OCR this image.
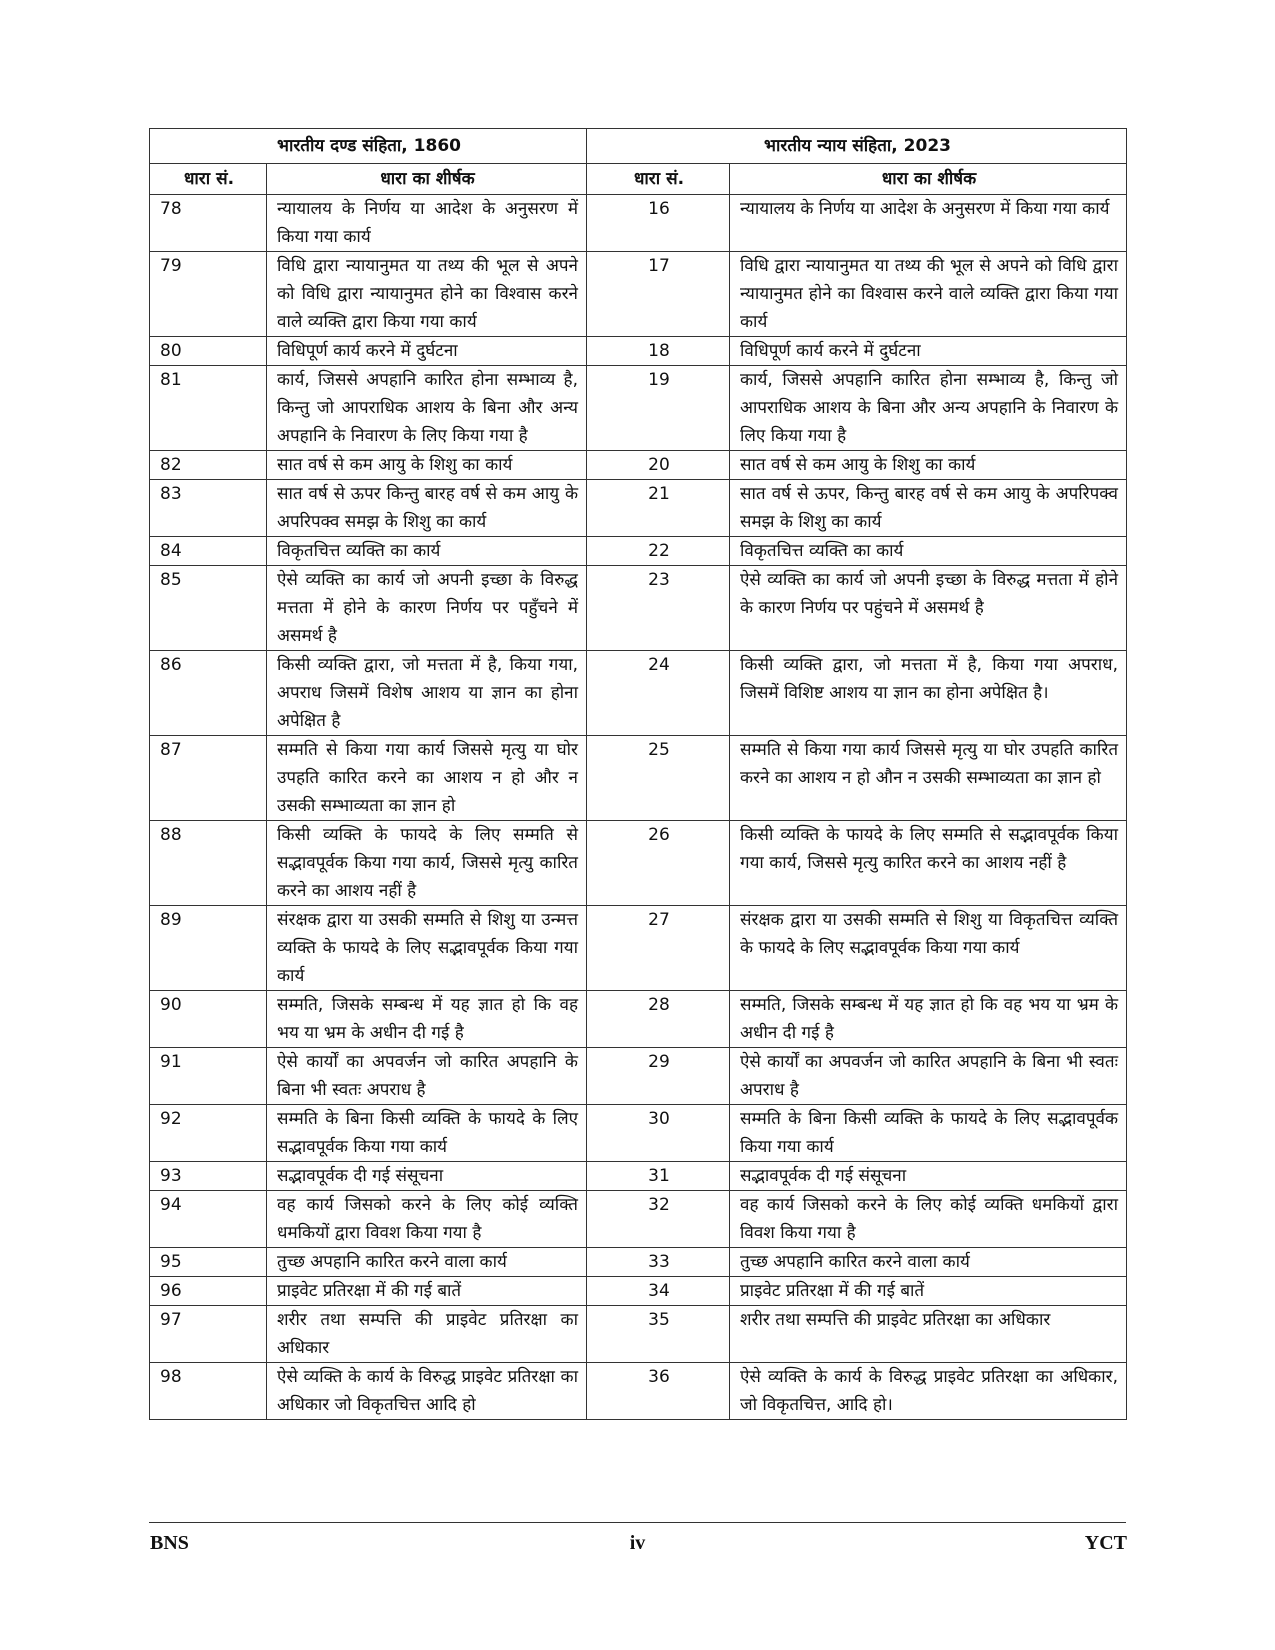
भारतीय दण्ड संहिता, 1860		भारतीय न्याय संहिता, 2023	
धारा सं.	धारा का शीर्षक	धारा सं.	धारा का शीर्षक
78	न्यायालय के निर्णय या आदेश के अनुसरण में किया गया कार्य	16	न्यायालय के निर्णय या आदेश के अनुसरण में किया गया कार्य
79	विधि द्वारा न्यायानुमत या तथ्य की भूल से अपने को विधि द्वारा न्यायानुमत होने का विश्वास करने वाले व्यक्ति द्वारा किया गया कार्य	17	विधि द्वारा न्यायानुमत या तथ्य की भूल से अपने को विधि द्वारा न्यायानुमत होने का विश्वास करने वाले व्यक्ति द्वारा किया गया कार्य
80	विधिपूर्ण कार्य करने में दुर्घटना	18	विधिपूर्ण कार्य करने में दुर्घटना
81	कार्य, जिससे अपहानि कारित होना सम्भाव्य है, किन्तु जो आपराधिक आशय के बिना और अन्य अपहानि के निवारण के लिए किया गया है	19	कार्य, जिससे अपहानि कारित होना सम्भाव्य है, किन्तु जो आपराधिक आशय के बिना और अन्य अपहानि के निवारण के लिए किया गया है
82	सात वर्ष से कम आयु के शिशु का कार्य	20	सात वर्ष से कम आयु के शिशु का कार्य
83	सात वर्ष से ऊपर किन्तु बारह वर्ष से कम आयु के अपरिपक्व समझ के शिशु का कार्य	21	सात वर्ष से ऊपर, किन्तु बारह वर्ष से कम आयु के अपरिपक्व समझ के शिशु का कार्य
84	विकृतचित्त व्यक्ति का कार्य	22	विकृतचित्त व्यक्ति का कार्य
85	ऐसे व्यक्ति का कार्य जो अपनी इच्छा के विरुद्ध मत्तता में होने के कारण निर्णय पर पहुँचने में असमर्थ है	23	ऐसे व्यक्ति का कार्य जो अपनी इच्छा के विरुद्ध मत्तता में होने के कारण निर्णय पर पहुंचने में असमर्थ है
86	किसी व्यक्ति द्वारा, जो मत्तता में है, किया गया, अपराध जिसमें विशेष आशय या ज्ञान का होना अपेक्षित है	24	किसी व्यक्ति द्वारा, जो मत्तता में है, किया गया अपराध, जिसमें विशिष्ट आशय या ज्ञान का होना अपेक्षित है।
87	सम्मति से किया गया कार्य जिससे मृत्यु या घोर उपहति कारित करने का आशय न हो और न उसकी सम्भाव्यता का ज्ञान हो	25	सम्मति से किया गया कार्य जिससे मृत्यु या घोर उपहति कारित करने का आशय न हो औन न उसकी सम्भाव्यता का ज्ञान हो
88	किसी व्यक्ति के फायदे के लिए सम्मति से सद्भावपूर्वक किया गया कार्य, जिससे मृत्यु कारित करने का आशय नहीं है	26	किसी व्यक्ति के फायदे के लिए सम्मति से सद्भावपूर्वक किया गया कार्य, जिससे मृत्यु कारित करने का आशय नहीं है
89	संरक्षक द्वारा या उसकी सम्मति से शिशु या उन्मत्त व्यक्ति के फायदे के लिए सद्भावपूर्वक किया गया कार्य	27	संरक्षक द्वारा या उसकी सम्मति से शिशु या विकृतचित्त व्यक्ति के फायदे के लिए सद्भावपूर्वक किया गया कार्य
90	सम्मति, जिसके सम्बन्ध में यह ज्ञात हो कि वह भय या भ्रम के अधीन दी गई है	28	सम्मति, जिसके सम्बन्ध में यह ज्ञात हो कि वह भय या भ्रम के अधीन दी गई है
91	ऐसे कार्यों का अपवर्जन जो कारित अपहानि के बिना भी स्वतः अपराध है	29	ऐसे कार्यों का अपवर्जन जो कारित अपहानि के बिना भी स्वतः अपराध है
92	सम्मति के बिना किसी व्यक्ति के फायदे के लिए सद्भावपूर्वक किया गया कार्य	30	सम्मति के बिना किसी व्यक्ति के फायदे के लिए सद्भावपूर्वक किया गया कार्य
93	सद्भावपूर्वक दी गई संसूचना	31	सद्भावपूर्वक दी गई संसूचना
94	वह कार्य जिसको करने के लिए कोई व्यक्ति धमकियों द्वारा विवश किया गया है	32	वह कार्य जिसको करने के लिए कोई व्यक्ति धमकियों द्वारा विवश किया गया है
95	तुच्छ अपहानि कारित करने वाला कार्य	33	तुच्छ अपहानि कारित करने वाला कार्य
96	प्राइवेट प्रतिरक्षा में की गई बातें	34	प्राइवेट प्रतिरक्षा में की गई बातें
97	शरीर तथा सम्पत्ति की प्राइवेट प्रतिरक्षा का अधिकार	35	शरीर तथा सम्पत्ति की प्राइवेट प्रतिरक्षा का अधिकार
98	ऐसे व्यक्ति के कार्य के विरुद्ध प्राइवेट प्रतिरक्षा का अधिकार जो विकृतचित्त आदि हो	36	ऐसे व्यक्ति के कार्य के विरुद्ध प्राइवेट प्रतिरक्षा का अधिकार, जो विकृतचित्त, आदि हो।
BNS	iv	YCT
